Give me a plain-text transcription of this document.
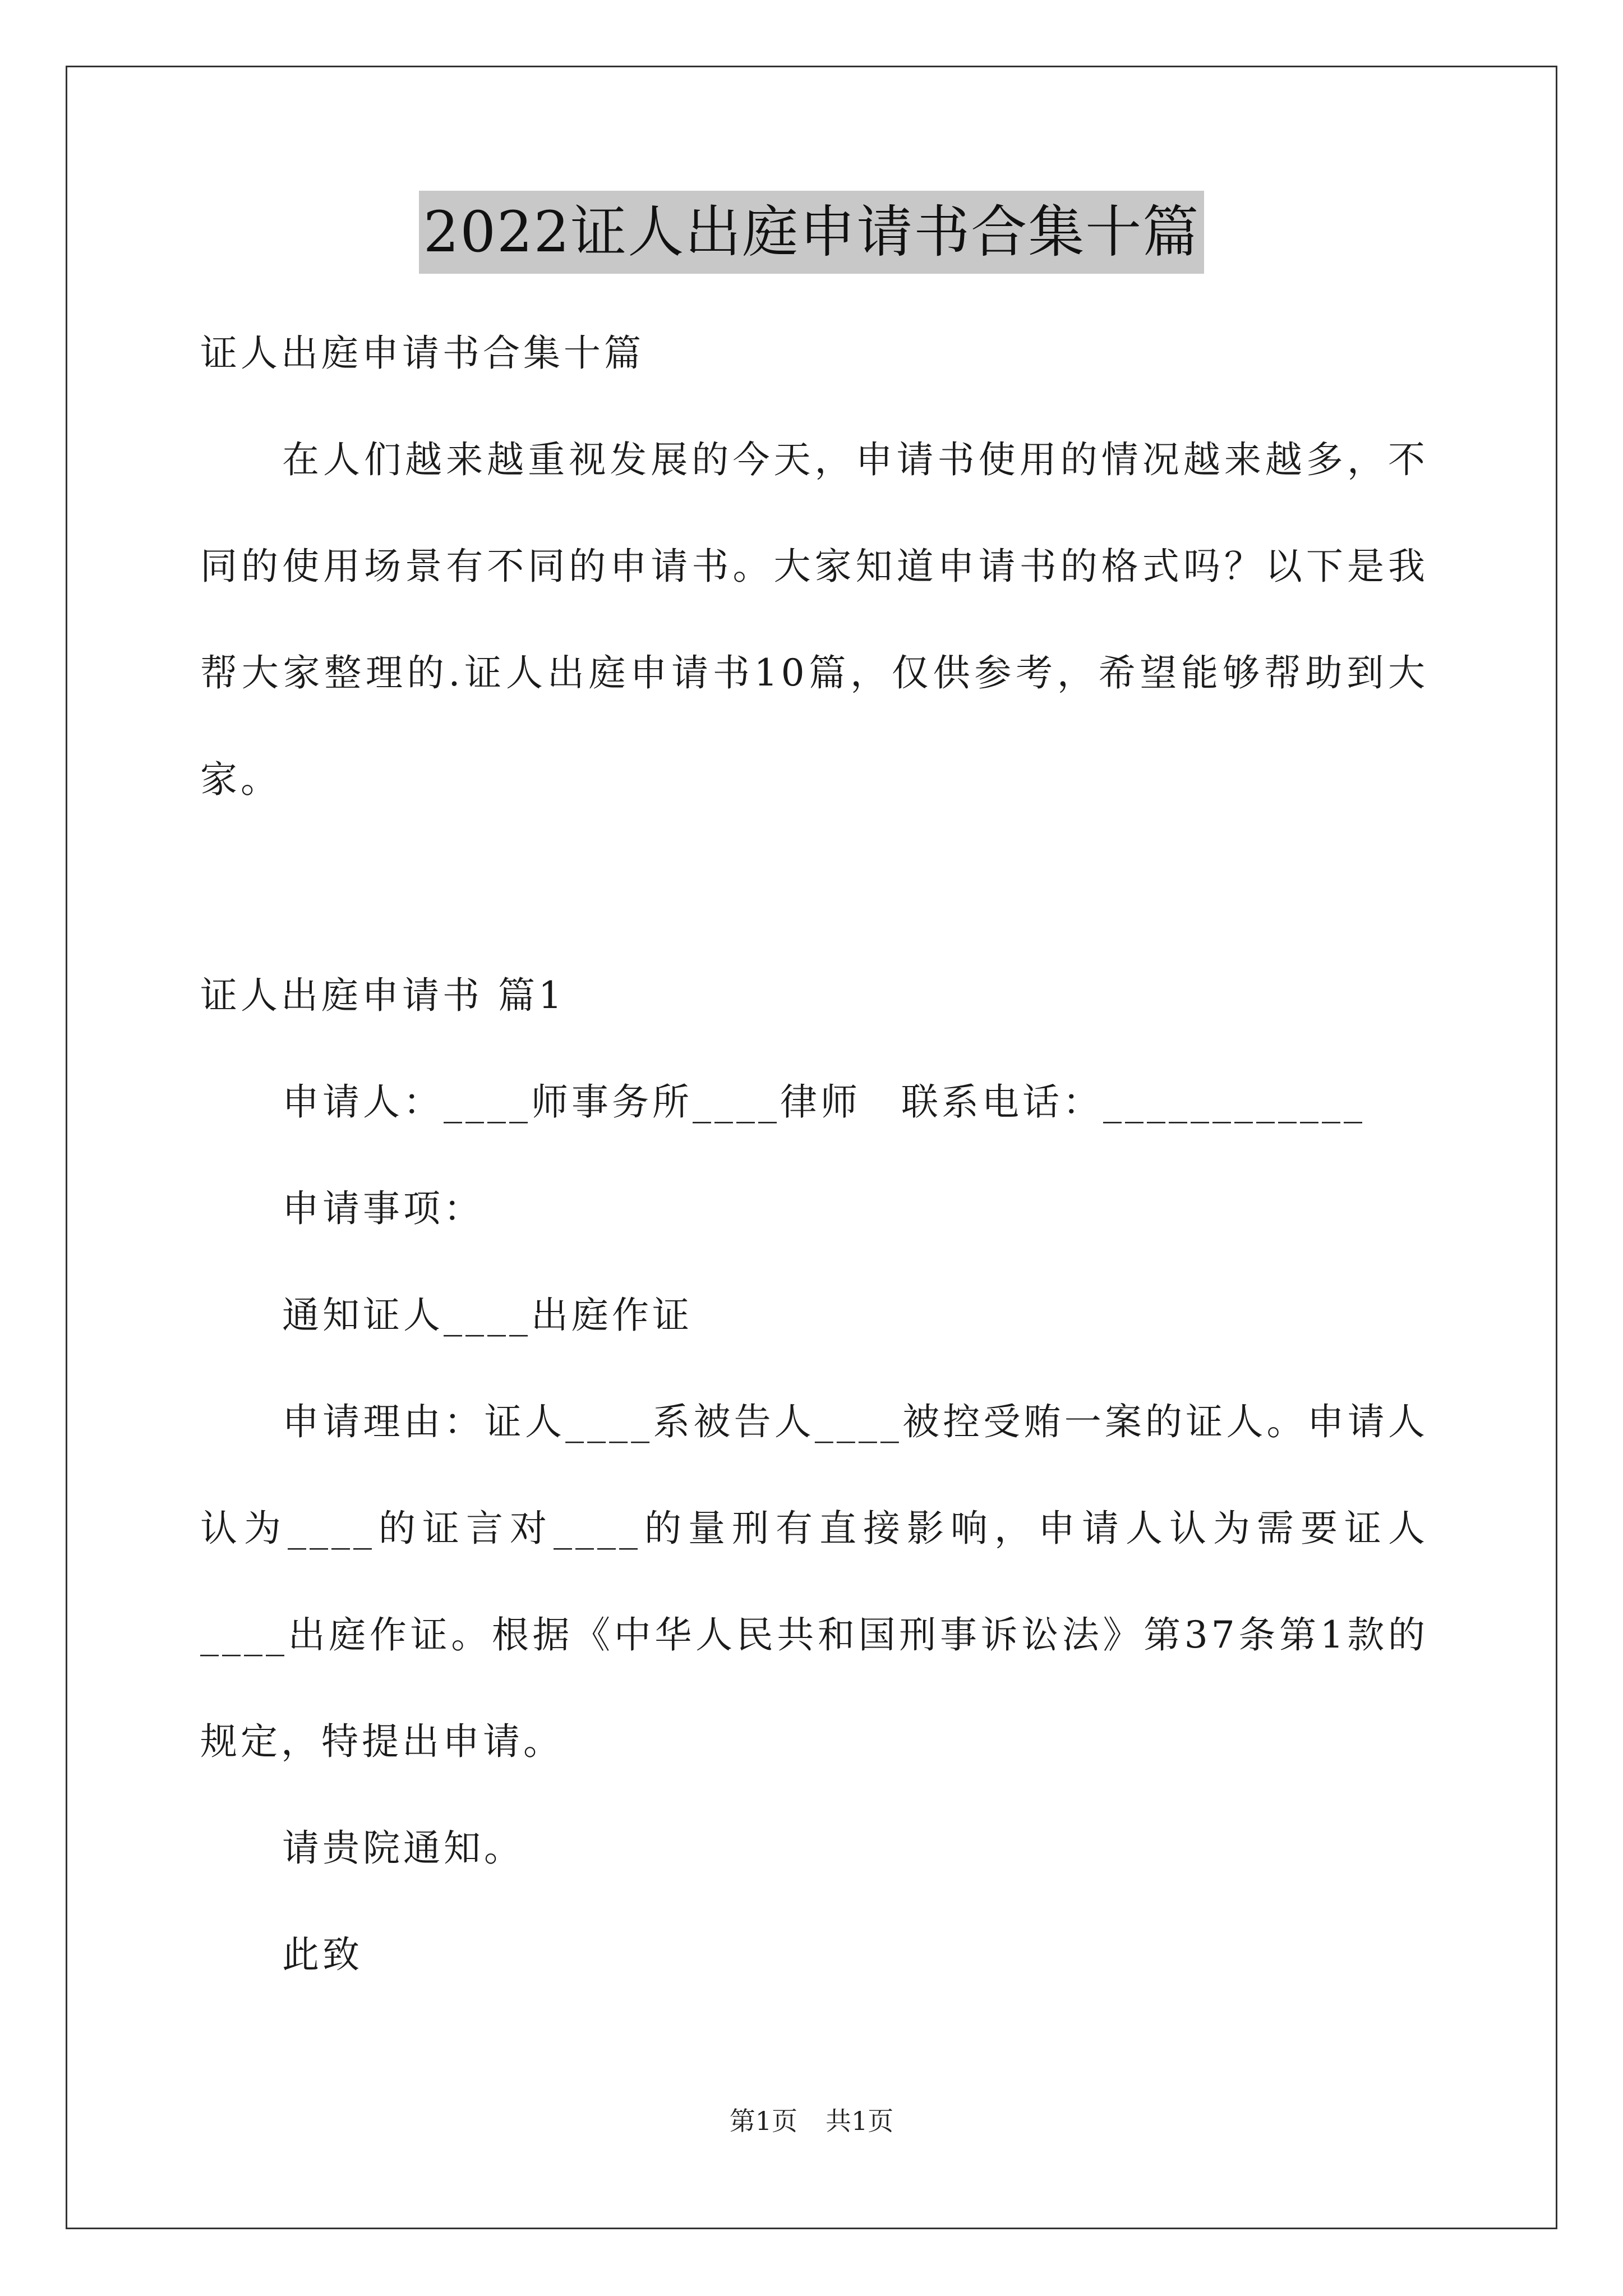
2022证人出庭申请书合集十篇

证人出庭申请书合集十篇

在人们越来越重视发展的今天，申请书使用的情况越来越多，不同的使用场景有不同的申请书。大家知道申请书的格式吗？以下是我帮大家整理的.证人出庭申请书10篇，仅供参考，希望能够帮助到大家。

证人出庭申请书 篇1

申请人：____师事务所____律师　联系电话：____________

申请事项：

通知证人____出庭作证

申请理由：证人____系被告人____被控受贿一案的证人。申请人认为____的证言对____的量刑有直接影响，申请人认为需要证人____出庭作证。根据《中华人民共和国刑事诉讼法》第37条第1款的规定，特提出申请。

请贵院通知。

此致

第1页 共1页
